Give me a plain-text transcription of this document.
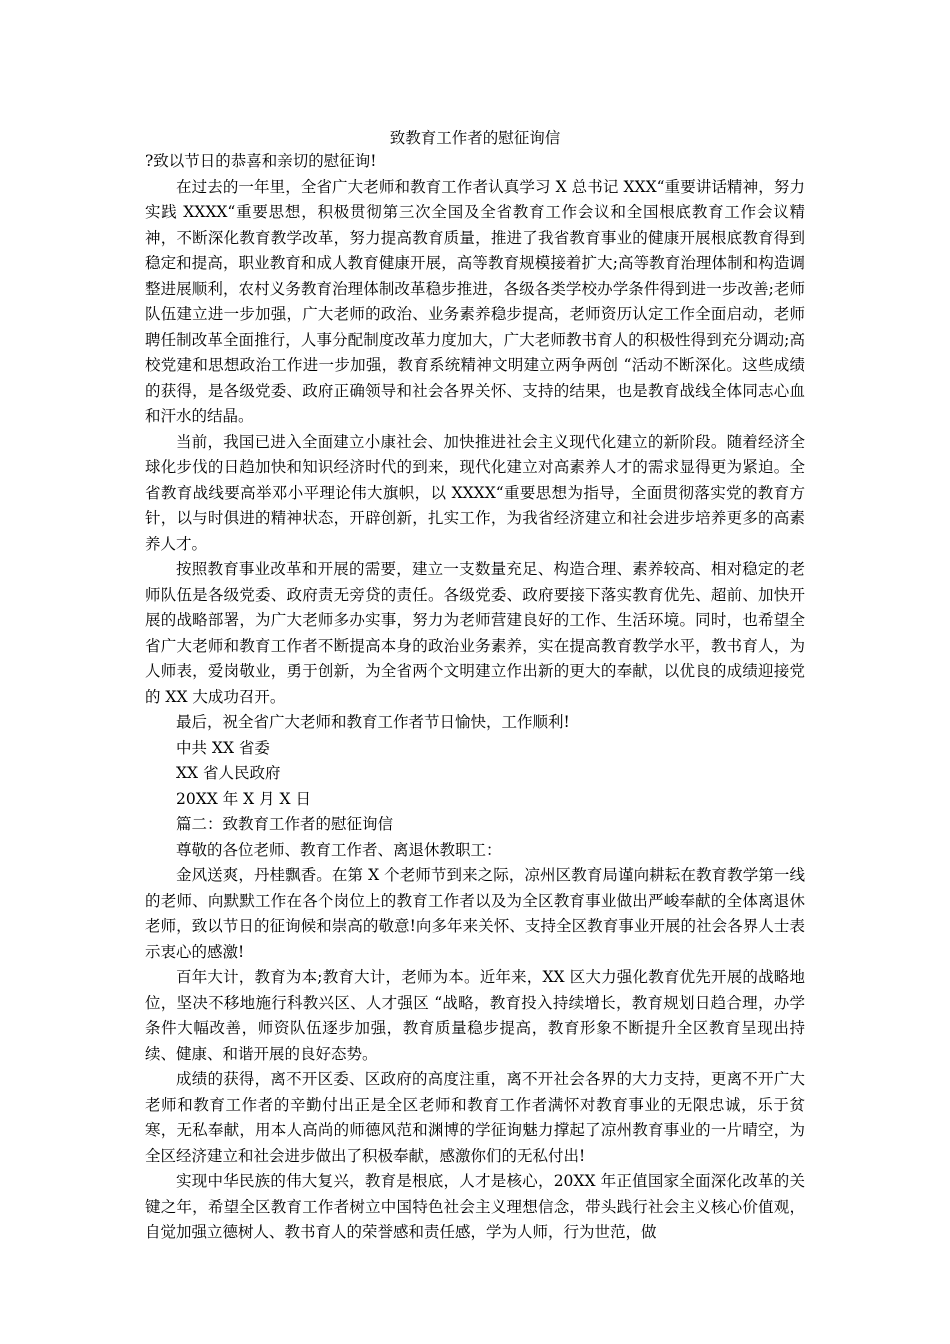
致教育工作者的慰征询信

?致以节日的恭喜和亲切的慰征询!

在过去的一年里，全省广大老师和教育工作者认真学习 X 总书记 XXX“重要讲话精神，努力实践 XXXX“重要思想，积极贯彻第三次全国及全省教育工作会议和全国根底教育工作会议精神，不断深化教育教学改革，努力提高教育质量，推进了我省教育事业的健康开展根底教育得到稳定和提高，职业教育和成人教育健康开展，高等教育规模接着扩大;高等教育治理体制和构造调整进展顺利，农村义务教育治理体制改革稳步推进，各级各类学校办学条件得到进一步改善;老师队伍建立进一步加强，广大老师的政治、业务素养稳步提高，老师资历认定工作全面启动，老师聘任制改革全面推行，人事分配制度改革力度加大，广大老师教书育人的积极性得到充分调动;高校党建和思想政治工作进一步加强，教育系统精神文明建立两争两创 “活动不断深化。这些成绩的获得，是各级党委、政府正确领导和社会各界关怀、支持的结果，也是教育战线全体同志心血和汗水的结晶。

当前，我国已进入全面建立小康社会、加快推进社会主义现代化建立的新阶段。随着经济全球化步伐的日趋加快和知识经济时代的到来，现代化建立对高素养人才的需求显得更为紧迫。全省教育战线要高举邓小平理论伟大旗帜，以 XXXX“重要思想为指导，全面贯彻落实党的教育方针，以与时俱进的精神状态，开辟创新，扎实工作，为我省经济建立和社会进步培养更多的高素养人才。

按照教育事业改革和开展的需要，建立一支数量充足、构造合理、素养较高、相对稳定的老师队伍是各级党委、政府责无旁贷的责任。各级党委、政府要接下落实教育优先、超前、加快开展的战略部署，为广大老师多办实事，努力为老师营建良好的工作、生活环境。同时，也希望全省广大老师和教育工作者不断提高本身的政治业务素养，实在提高教育教学水平，教书育人，为人师表，爱岗敬业，勇于创新，为全省两个文明建立作出新的更大的奉献，以优良的成绩迎接党的 XX 大成功召开。

最后，祝全省广大老师和教育工作者节日愉快，工作顺利!

中共 XX 省委

XX 省人民政府

20XX 年 X 月 X 日

篇二：致教育工作者的慰征询信

尊敬的各位老师、教育工作者、离退休教职工：

金风送爽，丹桂飘香。在第 X 个老师节到来之际，凉州区教育局谨向耕耘在教育教学第一线的老师、向默默工作在各个岗位上的教育工作者以及为全区教育事业做出严峻奉献的全体离退休老师，致以节日的征询候和崇高的敬意!向多年来关怀、支持全区教育事业开展的社会各界人士表示衷心的感激!

百年大计，教育为本;教育大计，老师为本。近年来，XX 区大力强化教育优先开展的战略地位，坚决不移地施行科教兴区、人才强区 “战略，教育投入持续增长，教育规划日趋合理，办学条件大幅改善，师资队伍逐步加强，教育质量稳步提高，教育形象不断提升全区教育呈现出持续、健康、和谐开展的良好态势。

成绩的获得，离不开区委、区政府的高度注重，离不开社会各界的大力支持，更离不开广大老师和教育工作者的辛勤付出正是全区老师和教育工作者满怀对教育事业的无限忠诚，乐于贫寒，无私奉献，用本人高尚的师德风范和渊博的学征询魅力撑起了凉州教育事业的一片晴空，为全区经济建立和社会进步做出了积极奉献，感激你们的无私付出!

实现中华民族的伟大复兴，教育是根底，人才是核心，20XX 年正值国家全面深化改革的关键之年，希望全区教育工作者树立中国特色社会主义理想信念，带头践行社会主义核心价值观，自觉加强立德树人、教书育人的荣誉感和责任感，学为人师，行为世范，做
